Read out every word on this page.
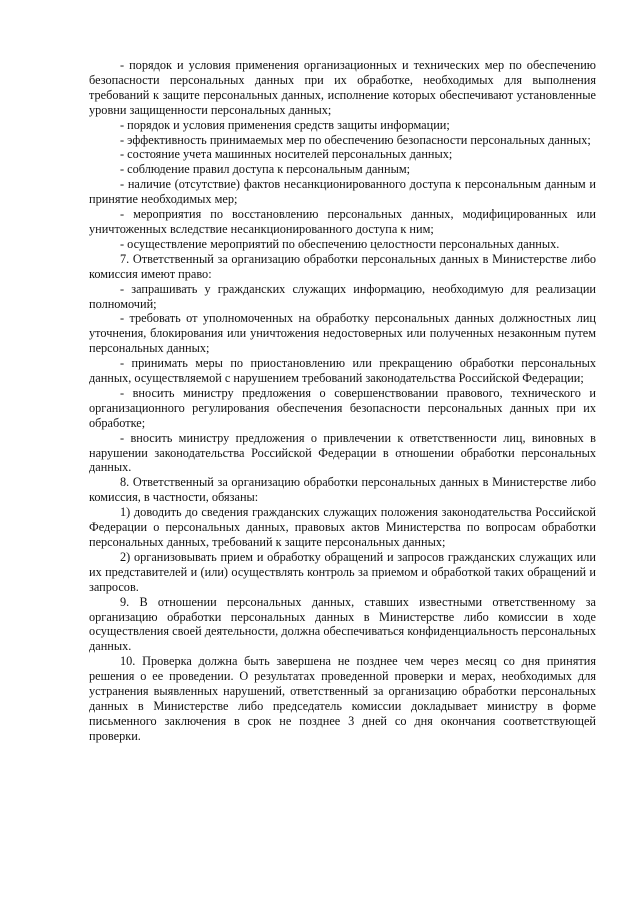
- порядок и условия применения организационных и технических мер по обеспечению безопасности персональных данных при их обработке, необходимых для выполнения требований к защите персональных данных, исполнение которых обеспечивают установленные уровни защищенности персональных данных;

- порядок и условия применения средств защиты информации;

- эффективность принимаемых мер по обеспечению безопасности персональных данных;

- состояние учета машинных носителей персональных данных;

- соблюдение правил доступа к персональным данным;

- наличие (отсутствие) фактов несанкционированного доступа к персональным данным и принятие необходимых мер;

- мероприятия по восстановлению персональных данных, модифицированных или уничтоженных вследствие несанкционированного доступа к ним;

- осуществление мероприятий по обеспечению целостности персональных данных.

7. Ответственный за организацию обработки персональных данных в Министерстве либо комиссия имеют право:

- запрашивать у гражданских служащих информацию, необходимую для реализации полномочий;

- требовать от уполномоченных на обработку персональных данных должностных лиц уточнения, блокирования или уничтожения недостоверных или полученных незаконным путем персональных данных;

- принимать меры по приостановлению или прекращению обработки персональных данных, осуществляемой с нарушением требований законодательства Российской Федерации;

- вносить министру предложения о совершенствовании правового, технического и организационного регулирования обеспечения безопасности персональных данных при их обработке;

- вносить министру предложения о привлечении к ответственности лиц, виновных в нарушении законодательства Российской Федерации в отношении обработки персональных данных.

8. Ответственный за организацию обработки персональных данных в Министерстве либо комиссия, в частности, обязаны:

1) доводить до сведения гражданских служащих положения законодательства Российской Федерации о персональных данных, правовых актов Министерства по вопросам обработки персональных данных, требований к защите персональных данных;

2) организовывать прием и обработку обращений и запросов гражданских служащих или их представителей и (или) осуществлять контроль за приемом и обработкой таких обращений и запросов.

9. В отношении персональных данных, ставших известными ответственному за организацию обработки персональных данных в Министерстве либо комиссии в ходе осуществления своей деятельности, должна обеспечиваться конфиденциальность персональных данных.

10. Проверка должна быть завершена не позднее чем через месяц со дня принятия решения о ее проведении. О результатах проведенной проверки и мерах, необходимых для устранения выявленных нарушений, ответственный за организацию обработки персональных данных в Министерстве либо председатель комиссии докладывает министру в форме письменного заключения в срок не позднее 3 дней со дня окончания соответствующей проверки.
